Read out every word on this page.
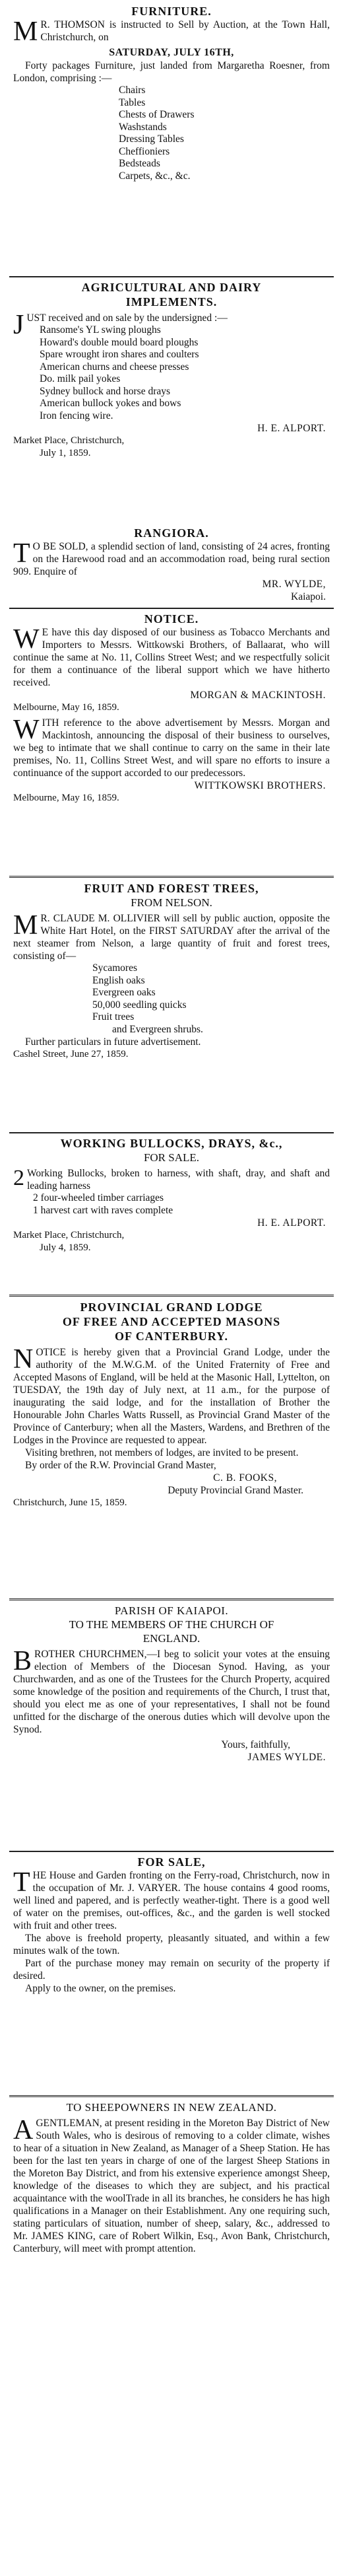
FURNITURE.

M R. THOMSON is instructed to Sell by Auction, at the Town Hall, Christchurch, on

SATURDAY, JULY 16TH,

Forty packages Furniture, just landed from Margaretha Roesner, from London, comprising :—

Chairs

Tables

Chests of Drawers

Washstands

Dressing Tables

Cheffioniers

Bedsteads

Carpets, &c., &c.

AGRICULTURAL AND DAIRY

IMPLEMENTS.

JUST received and on sale by the undersigned :—

Ransome's YL swing ploughs

Howard's double mould board ploughs

Spare wrought iron shares and coulters

American churns and cheese presses

Do. milk pail yokes

Sydney bullock and horse drays

American bullock yokes and bows

Iron fencing wire.

H. E. ALPORT.

Market Place, Christchurch,

July 1, 1859.

RANGIORA.

T O BE SOLD, a splendid section of land, consisting of 24 acres, fronting on the Harewood road and an accommodation road, being rural section 909. Enquire of

MR. WYLDE,

Kaiapoi.

NOTICE.

W E have this day disposed of our business as Tobacco Merchants and Importers to Messrs. Wittkowski Brothers, of Ballaarat, who will continue the same at No. 11, Collins Street West; and we respectfully solicit for them a continuance of the liberal support which we have hitherto received.

MORGAN & MACKINTOSH.

Melbourne, May 16, 1859.

WITH reference to the above advertisement by Messrs. Morgan and Mackintosh, announcing the disposal of their business to ourselves, we beg to intimate that we shall continue to carry on the same in their late premises, No. 11, Collins Street West, and will spare no efforts to insure a continuance of the support accorded to our predecessors.

WITTKOWSKI BROTHERS.

Melbourne, May 16, 1859.

FRUIT AND FOREST TREES,

FROM NELSON.

M R. CLAUDE M. OLLIVIER will sell by public auction, opposite the White Hart Hotel, on the FIRST SATURDAY after the arrival of the next steamer from Nelson, a large quantity of fruit and forest trees, consisting of—

Sycamores

English oaks

Evergreen oaks

50,000 seedling quicks

Fruit trees

and Evergreen shrubs.

Further particulars in future advertisement.

Cashel Street, June 27, 1859.

WORKING BULLOCKS, DRAYS, &c.,

FOR SALE.

2 Working Bullocks, broken to harness, with shaft, dray, and shaft and leading harness

2 four-wheeled timber carriages

1 harvest cart with raves complete

H. E. ALPORT.

Market Place, Christchurch,

July 4, 1859.

PROVINCIAL GRAND LODGE

OF FREE AND ACCEPTED MASONS

OF CANTERBURY.

NOTICE is hereby given that a Provincial Grand Lodge, under the authority of the M.W.G.M. of the United Fraternity of Free and Accepted Masons of England, will be held at the Masonic Hall, Lyttelton, on TUESDAY, the 19th day of July next, at 11 a.m., for the purpose of inaugurating the said lodge, and for the installation of Brother the Honourable John Charles Watts Russell, as Provincial Grand Master of the Province of Canterbury; when all the Masters, Wardens, and Brethren of the Lodges in the Province are requested to appear.

Visiting brethren, not members of lodges, are invited to be present.

By order of the R.W. Provincial Grand Master,

C. B. FOOKS,

Deputy Provincial Grand Master.

Christchurch, June 15, 1859.

PARISH OF KAIAPOI.

TO THE MEMBERS OF THE CHURCH OF

ENGLAND.

BROTHER CHURCHMEN,—I beg to solicit your votes at the ensuing election of Members of the Diocesan Synod. Having, as your Churchwarden, and as one of the Trustees for the Church Property, acquired some knowledge of the position and requirements of the Church, I trust that, should you elect me as one of your representatives, I shall not be found unfitted for the discharge of the onerous duties which will devolve upon the Synod.

Yours, faithfully,

JAMES WYLDE.

FOR SALE,

THE House and Garden fronting on the Ferry-road, Christchurch, now in the occupation of Mr. J. VARYER. The house contains 4 good rooms, well lined and papered, and is perfectly weather-tight. There is a good well of water on the premises, out-offices, &c., and the garden is well stocked with fruit and other trees.

The above is freehold property, pleasantly situated, and within a few minutes walk of the town.

Part of the purchase money may remain on security of the property if desired.

Apply to the owner, on the premises.

TO SHEEPOWNERS IN NEW ZEALAND.

AGENTLEMAN, at present residing in the Moreton Bay District of New South Wales, who is desirous of removing to a colder climate, wishes to hear of a situation in New Zealand, as Manager of a Sheep Station. He has been for the last ten years in charge of one of the largest Sheep Stations in the Moreton Bay District, and from his extensive experience amongst Sheep, knowledge of the diseases to which they are subject, and his practical acquaintance with the woolTrade in all its branches, he considers he has high qualifications in a Manager on their Establishment. Any one requiring such, stating particulars of situation, number of sheep, salary, &c., addressed to Mr. JAMES KING, care of Robert Wilkin, Esq., Avon Bank, Christchurch, Canterbury, will meet with prompt attention.
